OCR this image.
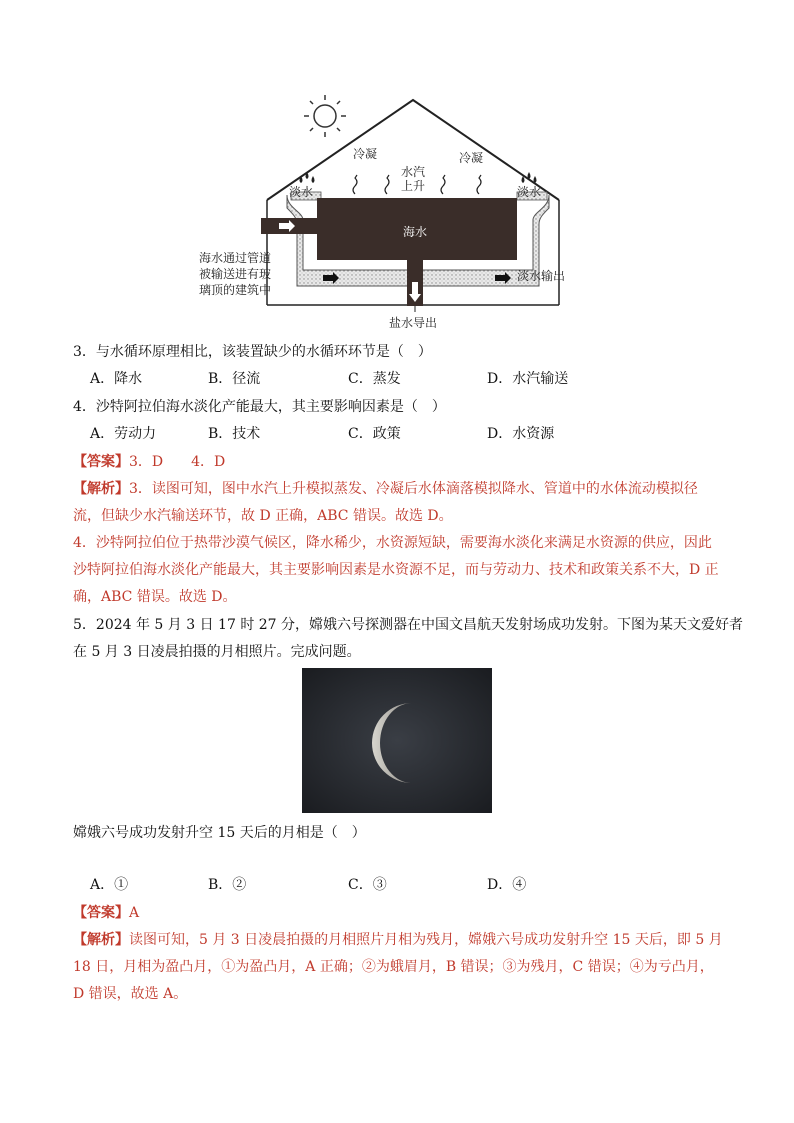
冷凝	冷凝
水汽
上升
淡水	淡水
海水
海水通过管道
被输送进有玻
璃顶的建筑中
淡水输出
盐水导出
3．与水循环原理相比，该装置缺少的水循环环节是（　）
A．降水	B．径流	C．蒸发	D．水汽输送
4．沙特阿拉伯海水淡化产能最大，其主要影响因素是（　）
A．劳动力	B．技术	C．政策	D．水资源
【答案】3．D　　4．D
【解析】3．读图可知，图中水汽上升模拟蒸发、冷凝后水体滴落模拟降水、管道中的水体流动模拟径
流，但缺少水汽输送环节，故 D 正确，ABC 错误。故选 D。
4．沙特阿拉伯位于热带沙漠气候区，降水稀少，水资源短缺，需要海水淡化来满足水资源的供应，因此
沙特阿拉伯海水淡化产能最大，其主要影响因素是水资源不足，而与劳动力、技术和政策关系不大，D 正
确，ABC 错误。故选 D。
5．2024 年 5 月 3 日 17 时 27 分，嫦娥六号探测器在中国文昌航天发射场成功发射。下图为某天文爱好者
在 5 月 3 日凌晨拍摄的月相照片。完成问题。
嫦娥六号成功发射升空 15 天后的月相是（　）
A．①	B．②	C．③	D．④
【答案】A
【解析】读图可知，5 月 3 日凌晨拍摄的月相照片月相为残月，嫦娥六号成功发射升空 15 天后，即 5 月
18 日，月相为盈凸月，①为盈凸月，A 正确；②为蛾眉月，B 错误；③为残月，C 错误；④为亏凸月，
D 错误，故选 A。
